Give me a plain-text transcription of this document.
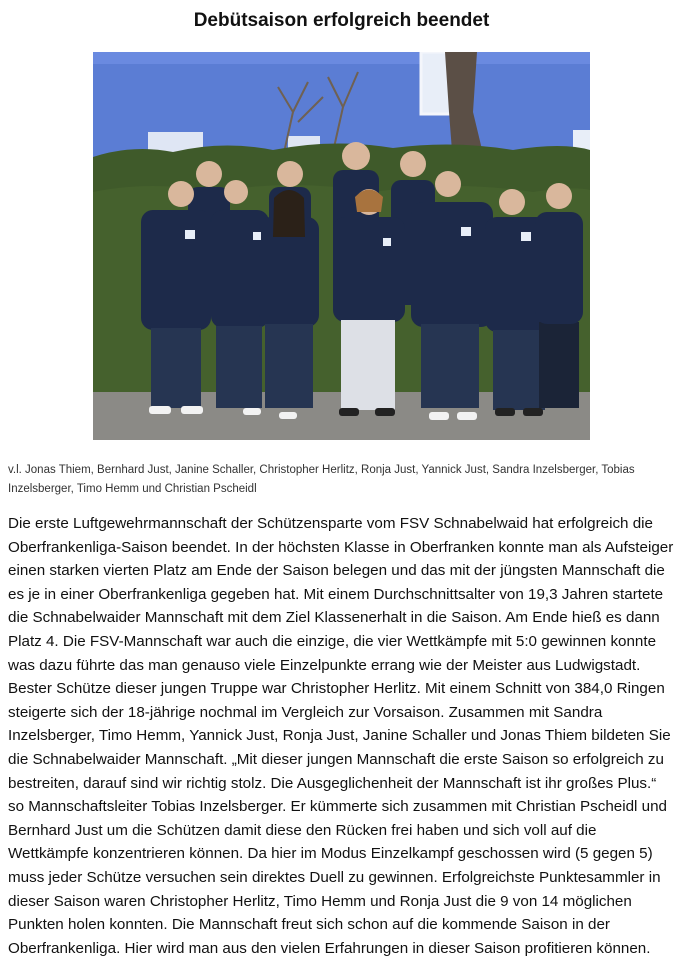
Debütsaison erfolgreich beendet
v.l. Jonas Thiem, Bernhard Just, Janine Schaller, Christopher Herlitz, Ronja Just, Yannick Just, Sandra Inzelsberger, Tobias Inzelsberger, Timo Hemm und Christian Pscheidl
Die erste Luftgewehrmannschaft der Schützensparte vom FSV Schnabelwaid hat erfolgreich die Oberfrankenliga-Saison beendet. In der höchsten Klasse in Oberfranken konnte man als Aufsteiger einen starken vierten Platz am Ende der Saison belegen und das mit der jüngsten Mannschaft die es je in einer Oberfrankenliga gegeben hat. Mit einem Durchschnittsalter von 19,3 Jahren startete die Schnabelwaider Mannschaft mit dem Ziel Klassenerhalt in die Saison. Am Ende hieß es dann Platz 4. Die FSV-Mannschaft war auch die einzige, die vier Wettkämpfe mit 5:0 gewinnen konnte was dazu führte das man genauso viele Einzelpunkte errang wie der Meister aus Ludwigstadt. Bester Schütze dieser jungen Truppe war Christopher Herlitz. Mit einem Schnitt von 384,0 Ringen steigerte sich der 18-jährige nochmal im Vergleich zur Vorsaison. Zusammen mit Sandra Inzelsberger, Timo Hemm, Yannick Just, Ronja Just, Janine Schaller und Jonas Thiem bildeten Sie die Schnabelwaider Mannschaft. „Mit dieser jungen Mannschaft die erste Saison so erfolgreich zu bestreiten, darauf sind wir richtig stolz. Die Ausgeglichenheit der Mannschaft ist ihr großes Plus.“ so Mannschaftsleiter Tobias Inzelsberger. Er kümmerte sich zusammen mit Christian Pscheidl und Bernhard Just um die Schützen damit diese den Rücken frei haben und sich voll auf die Wettkämpfe konzentrieren können. Da hier im Modus Einzelkampf geschossen wird (5 gegen 5) muss jeder Schütze versuchen sein direktes Duell zu gewinnen. Erfolgreichste Punktesammler in dieser Saison waren Christopher Herlitz, Timo Hemm und Ronja Just die 9 von 14 möglichen Punkten holen konnten. Die Mannschaft freut sich schon auf die kommende Saison in der Oberfrankenliga. Hier wird man aus den vielen Erfahrungen in dieser Saison profitieren können.
